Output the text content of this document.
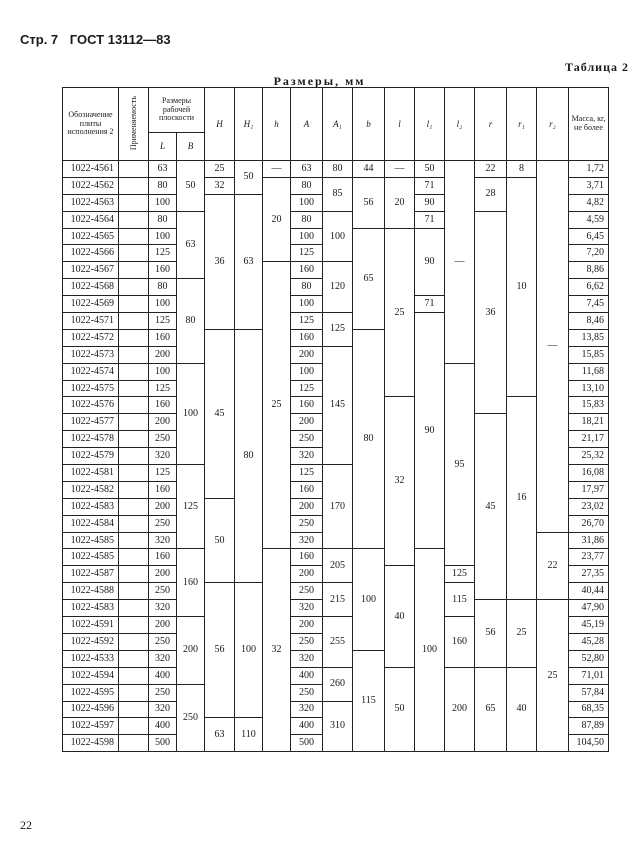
Стр. 7 ГОСТ 13112—83
Таблица 2
Размеры, мм
Обозначение плиты исполнения 2	Применяемость	Размеры рабочей плоскости		H	H₁	h	A	A₁	b	l	l₁	l₂	r	r₁	r₂	Масса, кг, не более
		L	B													
1022-4561		63	50	25	50	—	63	80	44	—	50	—	22	8	—	1,72
1022-4562		80		32		20	80	85	56	20	71		28	10		3,71
1022-4563		100		36	63		100				90					4,82
1022-4564		80	63				80	100			71		36			4,59
1022-4565		100					100		65	25	90					6,45
1022-4566		125					125									7,20
1022-4567		160				25	160	120								8,86
1022-4568		80	80				80									6,62
1022-4569		100					100				71					7,45
1022-4571		125					125	125			90					8,46
1022-4572		160		45	80		160		80							13,85
1022-4573		200					200	145								15,85
1022-4574		100	100				100					95				11,68
1022-4575		125					125									13,10
1022-4576		160					160			32				16		15,83
1022-4577		200					200						45			18,21
1022-4578		250					250									21,17
1022-4579		320					320									25,32
1022-4581		125	125				125	170								16,08
1022-4582		160					160									17,97
1022-4583		200		50			200									23,02
1022-4584		250					250									26,70
1022-4585		320					320								22	31,86
1022-4585		160	160			32	160	205	100		100					23,77
1022-4587		200					200			40		125				27,35
1022-4588		250		56	100		250	215				115				40,44
1022-4583		320					320						56	25	25	47,90
1022-4591		200	200				200	255				160				45,19
1022-4592		250					250									45,28
1022-4533		320					320		115							52,80
1022-4594		400					400	260		50		200	65	40		71,01
1022-4595		250	250				250									57,84
1022-4596		320					320	310								68,35
1022-4597		400		63	110		400									87,89
1022-4598		500					500									104,50
22
